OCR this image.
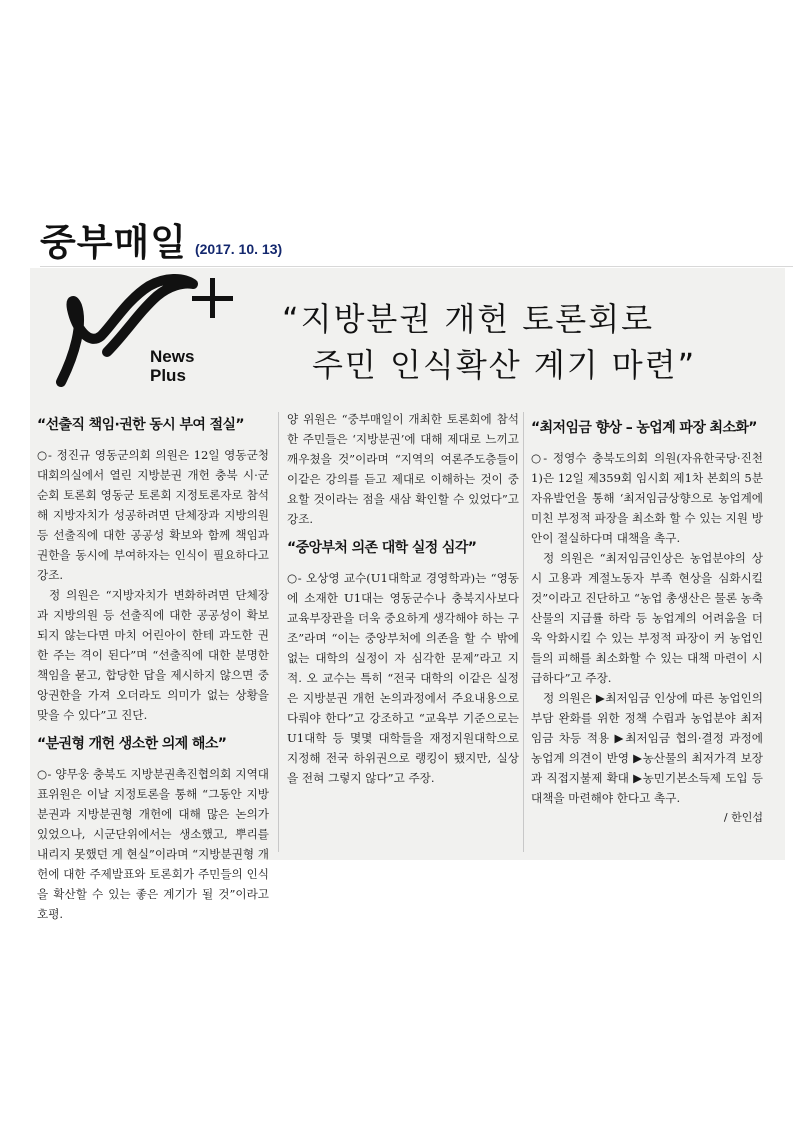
중부매일 (2017. 10. 13)
News
Plus
“지방분권 개헌 토론회로
주민 인식확산 계기 마련”
“선출직 책임·권한 동시 부여 절실”

○- 정진규 영동군의회 의원은 12일 영동군청 대회의실에서 열린 지방분권 개헌 충북 시·군 순회 토론회 영동군 토론회 지정토론자로 참석해 지방자치가 성공하려면 단체장과 지방의원 등 선출직에 대한 공공성 확보와 함께 책임과 권한을 동시에 부여하자는 인식이 필요하다고 강조.

정 의원은 “지방자치가 변화하려면 단체장과 지방의원 등 선출직에 대한 공공성이 확보되지 않는다면 마치 어린아이 한테 과도한 권한 주는 격이 된다”며 “선출직에 대한 분명한 책임을 묻고, 합당한 답을 제시하지 않으면 중앙권한을 가져 오더라도 의미가 없는 상황을 맞을 수 있다”고 진단.

“분권형 개헌 생소한 의제 해소”

○- 양무웅 충북도 지방분권촉진협의회 지역대표위원은 이날 지정토론을 통해 “그동안 지방분권과 지방분권형 개헌에 대해 많은 논의가 있었으나, 시군단위에서는 생소했고, 뿌리를 내리지 못했던 게 현실”이라며 “지방분권형 개헌에 대한 주제발표와 토론회가 주민들의 인식을 확산할 수 있는 좋은 계기가 될 것”이라고 호평.

양 위원은 “중부매일이 개최한 토론회에 참석한 주민들은 ‘지방분권’에 대해 제대로 느끼고 깨우쳤을 것”이라며 “지역의 여론주도층들이 이같은 강의를 듣고 제대로 이해하는 것이 중요할 것이라는 점을 새삼 확인할 수 있었다”고 강조.

“중앙부처 의존 대학 실정 심각”

○- 오상영 교수(U1대학교 경영학과)는 “영동에 소재한 U1대는 영동군수나 충북지사보다 교육부장관을 더욱 중요하게 생각해야 하는 구조”라며 “이는 중앙부처에 의존을 할 수 밖에 없는 대학의 실정이 자 심각한 문제”라고 지적. 오 교수는 특히 “전국 대학의 이같은 실정은 지방분권 개헌 논의과정에서 주요내용으로 다뤄야 한다”고 강조하고 “교육부 기준으로는 U1대학 등 몇몇 대학들을 재정지원대학으로 지정해 전국 하위권으로 랭킹이 됐지만, 실상을 전혀 그렇지 않다”고 주장.

“최저임금 향상 – 농업계 파장 최소화”

○- 정영수 충북도의회 의원(자유한국당·진천1)은 12일 제359회 임시회 제1차 본회의 5분 자유발언을 통해 ‘최저임금상향으로 농업계에 미친 부정적 파장을 최소화 할 수 있는 지원 방안이 절실하다며 대책을 촉구.

정 의원은 “최저임금인상은 농업분야의 상시 고용과 계절노동자 부족 현상을 심화시킬 것”이라고 진단하고 “농업 총생산은 물론 농축산물의 지급률 하락 등 농업계의 어려움을 더욱 악화시킬 수 있는 부정적 파장이 커 농업인들의 피해를 최소화할 수 있는 대책 마련이 시급하다”고 주장.

정 의원은 ▶최저임금 인상에 따른 농업인의 부담 완화를 위한 정책 수립과 농업분야 최저임금 차등 적용 ▶최저임금 협의·결정 과정에 농업계 의견이 반영 ▶농산물의 최저가격 보장과 직접지불제 확대 ▶농민기본소득제 도입 등 대책을 마련해야 한다고 촉구.

/ 한인섭
